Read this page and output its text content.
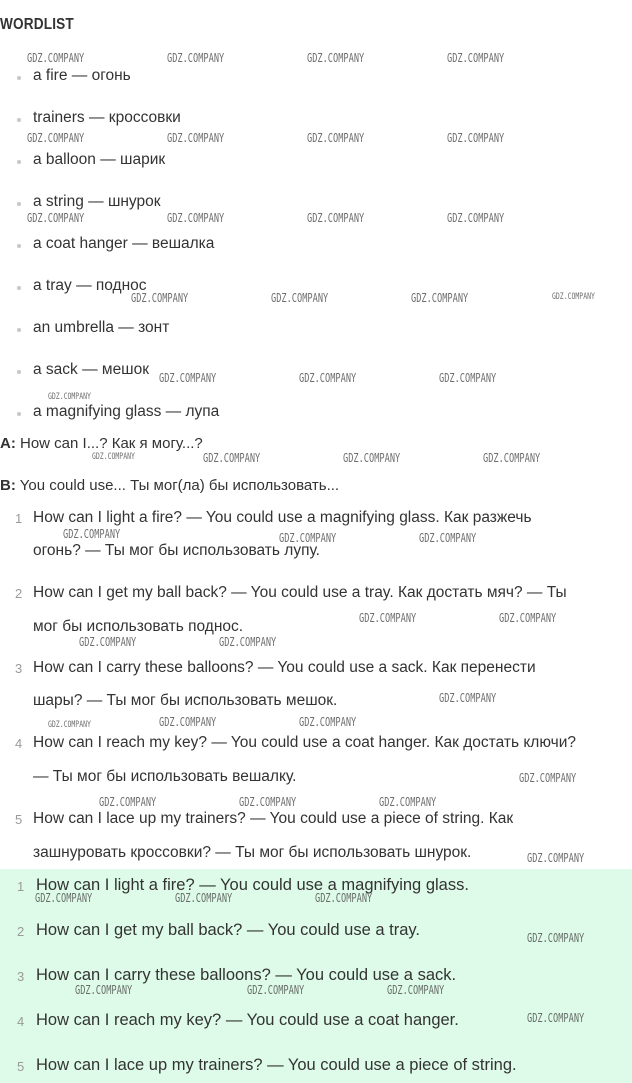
WORDLIST
a fire — огонь
trainers — кроссовки
a balloon — шарик
a string — шнурок
a coat hanger — вешалка
a tray — поднос
an umbrella — зонт
a sack — мешок
a magnifying glass — лупа
A: How can I...? Как я могу...?
B: You could use... Ты мог(ла) бы использовать...
1 How can I light a fire? — You could use a magnifying glass. Как разжечь
огонь? — Ты мог бы использовать лупу.
2 How can I get my ball back? — You could use a tray. Как достать мяч? — Ты
мог бы использовать поднос.
3 How can I carry these balloons? — You could use a sack. Как перенести
шары? — Ты мог бы использовать мешок.
4 How can I reach my key? — You could use a coat hanger. Как достать ключи?
— Ты мог бы использовать вешалку.
5 How can I lace up my trainers? — You could use a piece of string. Как
зашнуровать кроссовки? — Ты мог бы использовать шнурок.
1 How can I light a fire? — You could use a magnifying glass.
2 How can I get my ball back? — You could use a tray.
3 How can I carry these balloons? — You could use a sack.
4 How can I reach my key? — You could use a coat hanger.
5 How can I lace up my trainers? — You could use a piece of string.
GDZ.COMPANY	GDZ.COMPANY	GDZ.COMPANY	GDZ.COMPANY
GDZ.COMPANY	GDZ.COMPANY	GDZ.COMPANY	GDZ.COMPANY
GDZ.COMPANY	GDZ.COMPANY	GDZ.COMPANY	GDZ.COMPANY
GDZ.COMPANY	GDZ.COMPANY	GDZ.COMPANY	GDZ.COMPANY
GDZ.COMPANY	GDZ.COMPANY	GDZ.COMPANY
GDZ.COMPANY
GDZ.COMPANY	GDZ.COMPANY	GDZ.COMPANY	GDZ.COMPANY
GDZ.COMPANY	GDZ.COMPANY	GDZ.COMPANY
GDZ.COMPANY	GDZ.COMPANY
GDZ.COMPANY	GDZ.COMPANY
GDZ.COMPANY
GDZ.COMPANY	GDZ.COMPANY	GDZ.COMPANY
GDZ.COMPANY
GDZ.COMPANY	GDZ.COMPANY	GDZ.COMPANY
GDZ.COMPANY
GDZ.COMPANY	GDZ.COMPANY	GDZ.COMPANY
GDZ.COMPANY
GDZ.COMPANY	GDZ.COMPANY	GDZ.COMPANY
GDZ.COMPANY
